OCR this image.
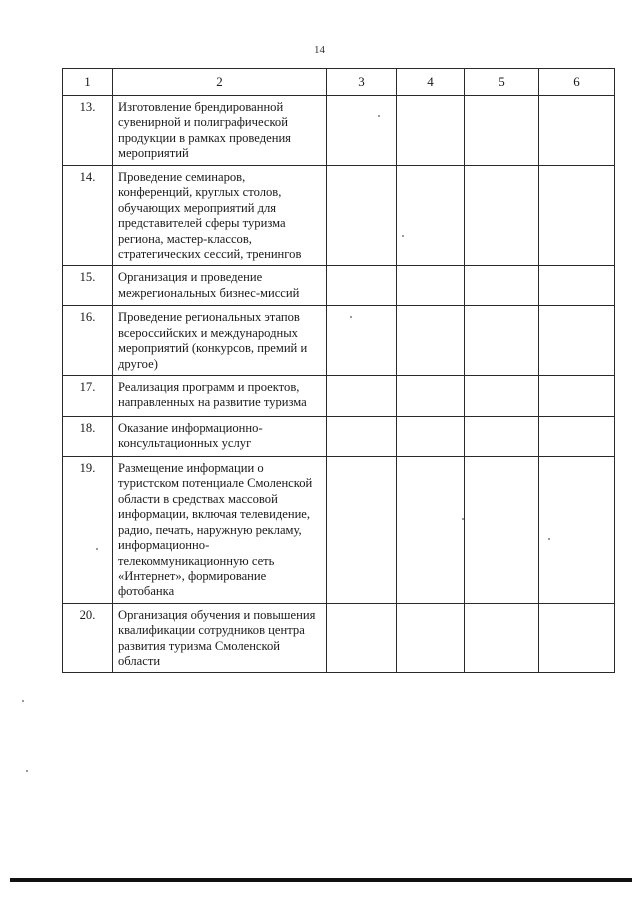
14
1	2	3	4	5	6
13.	Изготовление брендированной сувенирной и полиграфической продукции в рамках проведения мероприятий				
14.	Проведение семинаров, конференций, круглых столов, обучающих мероприятий для представителей сферы туризма региона, мастер-классов, стратегических сессий, тренингов				
15.	Организация и проведение межрегиональных бизнес-миссий				
16.	Проведение региональных этапов всероссийских и международных мероприятий (конкурсов, премий и другое)				
17.	Реализация программ и проектов, направленных на развитие туризма				
18.	Оказание информационно-консультационных услуг				
19.	Размещение информации о туристском потенциале Смоленской области в средствах массовой информации, включая телевидение, радио, печать, наружную рекламу, информационно-телекоммуникационную сеть «Интернет», формирование фотобанка				
20.	Организация обучения и повышения квалификации сотрудников центра развития туризма Смоленской области				
